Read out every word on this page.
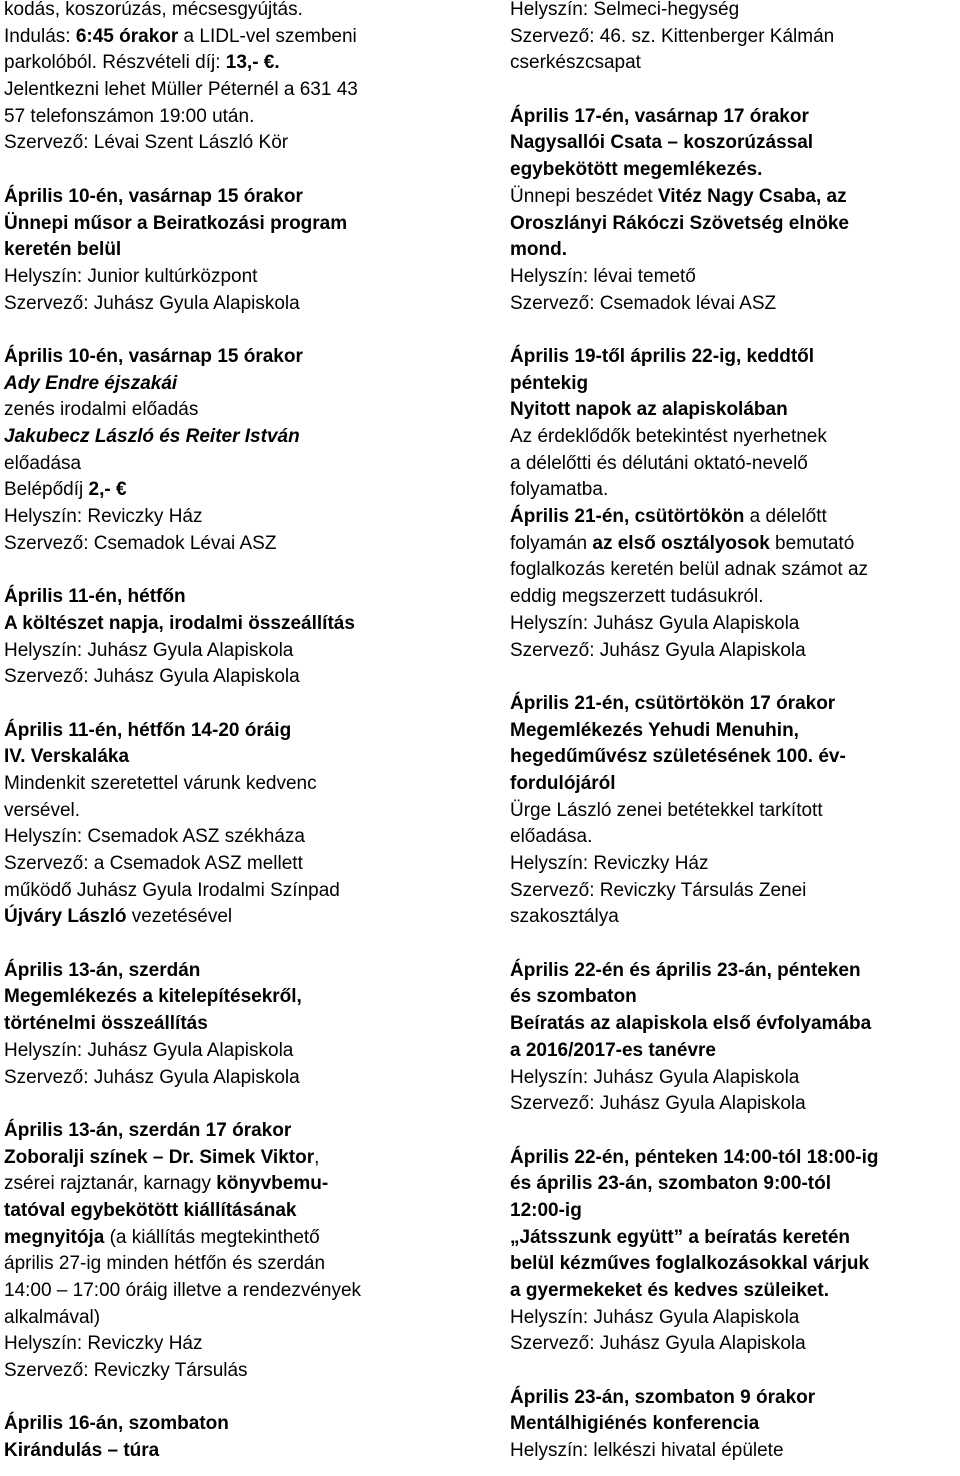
kodás, koszorúzás, mécsesgyújtás.
Indulás: 6:45 órakor a LIDL-vel szembeni
parkolóból. Részvételi díj: 13,- €.
Jelentkezni lehet Müller Péternél a 631 43
57 telefonszámon 19:00 után.
Szervező: Lévai Szent László Kör
Április 10-én, vasárnap 15 órakor
Ünnepi műsor a Beiratkozási program
keretén belül
Helyszín: Junior kultúrközpont
Szervező: Juhász Gyula Alapiskola
Április 10-én, vasárnap 15 órakor
Ady Endre éjszakái
zenés irodalmi előadás
Jakubecz László és Reiter István
előadása
Belépődíj 2,- €
Helyszín: Reviczky Ház
Szervező: Csemadok Lévai ASZ
Április 11-én, hétfőn
A költészet napja, irodalmi összeállítás
Helyszín: Juhász Gyula Alapiskola
Szervező: Juhász Gyula Alapiskola
Április 11-én, hétfőn 14-20 óráig
IV. Verskaláka
Mindenkit szeretettel várunk kedvenc
versével.
Helyszín: Csemadok ASZ székháza
Szervező: a Csemadok ASZ mellett
működő Juhász Gyula Irodalmi Színpad
Újváry László vezetésével
Április 13-án, szerdán
Megemlékezés a kitelepítésekről,
történelmi összeállítás
Helyszín: Juhász Gyula Alapiskola
Szervező: Juhász Gyula Alapiskola
Április 13-án, szerdán 17 órakor
Zoboralji színek – Dr. Simek Viktor,
zsérei rajztanár, karnagy könyvbemu-
tatóval egybekötött kiállításának
megnyitója (a kiállítás megtekinthető
április 27-ig minden hétfőn és szerdán
14:00 – 17:00 óráig illetve a rendezvények
alkalmával)
Helyszín: Reviczky Ház
Szervező: Reviczky Társulás
Április 16-án, szombaton
Kirándulás – túra
Helyszín: Selmeci-hegység
Szervező: 46. sz. Kittenberger Kálmán
cserkészcsapat
Április 17-én, vasárnap 17 órakor
Nagysallói Csata – koszorúzással
egybekötött megemlékezés.
Ünnepi beszédet Vitéz Nagy Csaba, az
Oroszlányi Rákóczi Szövetség elnöke
mond.
Helyszín: lévai temető
Szervező: Csemadok lévai ASZ
Április 19-től április 22-ig, keddtől
péntekig
Nyitott napok az alapiskolában
Az érdeklődők betekintést nyerhetnek
a délelőtti és délutáni oktató-nevelő
folyamatba.
Április 21-én, csütörtökön a délelőtt
folyamán az első osztályosok bemutató
foglalkozás keretén belül adnak számot az
eddig megszerzett tudásukról.
Helyszín: Juhász Gyula Alapiskola
Szervező: Juhász Gyula Alapiskola
Április 21-én, csütörtökön 17 órakor
Megemlékezés Yehudi Menuhin,
hegedűművész születésének 100. év-
fordulójáról
Ürge László zenei betétekkel tarkított
előadása.
Helyszín: Reviczky Ház
Szervező: Reviczky Társulás Zenei
szakosztálya
Április 22-én és április 23-án, pénteken
és szombaton
Beíratás az alapiskola első évfolyamába
a 2016/2017-es tanévre
Helyszín: Juhász Gyula Alapiskola
Szervező: Juhász Gyula Alapiskola
Április 22-én, pénteken 14:00-tól 18:00-ig
és április 23-án, szombaton 9:00-tól
12:00-ig
„Játsszunk együtt” a beíratás keretén
belül kézműves foglalkozásokkal várjuk
a gyermekeket és kedves szüleiket.
Helyszín: Juhász Gyula Alapiskola
Szervező: Juhász Gyula Alapiskola
Április 23-án, szombaton 9 órakor
Mentálhigiénés konferencia
Helyszín: lelkészi hivatal épülete
